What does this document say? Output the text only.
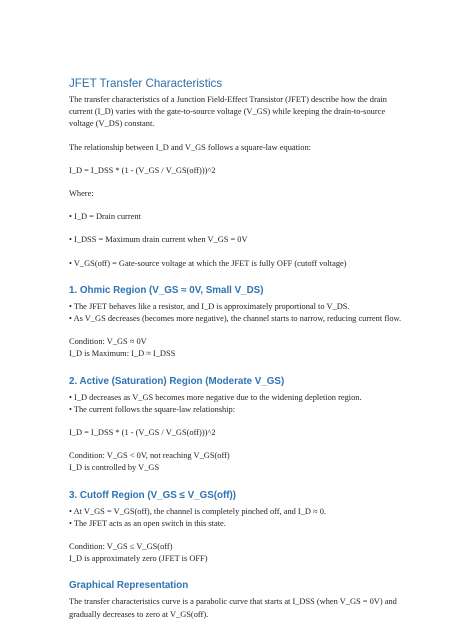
JFET Transfer Characteristics

The transfer characteristics of a Junction Field-Effect Transistor (JFET) describe how the drain current (I_D) varies with the gate-to-source voltage (V_GS) while keeping the drain-to-source voltage (V_DS) constant.

The relationship between I_D and V_GS follows a square-law equation:

I_D = I_DSS * (1 - (V_GS / V_GS(off)))^2

Where:

• I_D = Drain current

• I_DSS = Maximum drain current when V_GS = 0V

• V_GS(off) = Gate-source voltage at which the JFET is fully OFF (cutoff voltage)

1. Ohmic Region (V_GS ≈ 0V, Small V_DS)

• The JFET behaves like a resistor, and I_D is approximately proportional to V_DS.

• As V_GS decreases (becomes more negative), the channel starts to narrow, reducing current flow.

Condition: V_GS ≈ 0V

I_D is Maximum: I_D ≈ I_DSS

2. Active (Saturation) Region (Moderate V_GS)

• I_D decreases as V_GS becomes more negative due to the widening depletion region.

• The current follows the square-law relationship:

I_D = I_DSS * (1 - (V_GS / V_GS(off)))^2

Condition: V_GS < 0V, not reaching V_GS(off)

I_D is controlled by V_GS

3. Cutoff Region (V_GS ≤ V_GS(off))

• At V_GS = V_GS(off), the channel is completely pinched off, and I_D ≈ 0.

• The JFET acts as an open switch in this state.

Condition: V_GS ≤ V_GS(off)

I_D is approximately zero (JFET is OFF)

Graphical Representation

The transfer characteristics curve is a parabolic curve that starts at I_DSS (when V_GS = 0V) and gradually decreases to zero at V_GS(off).
